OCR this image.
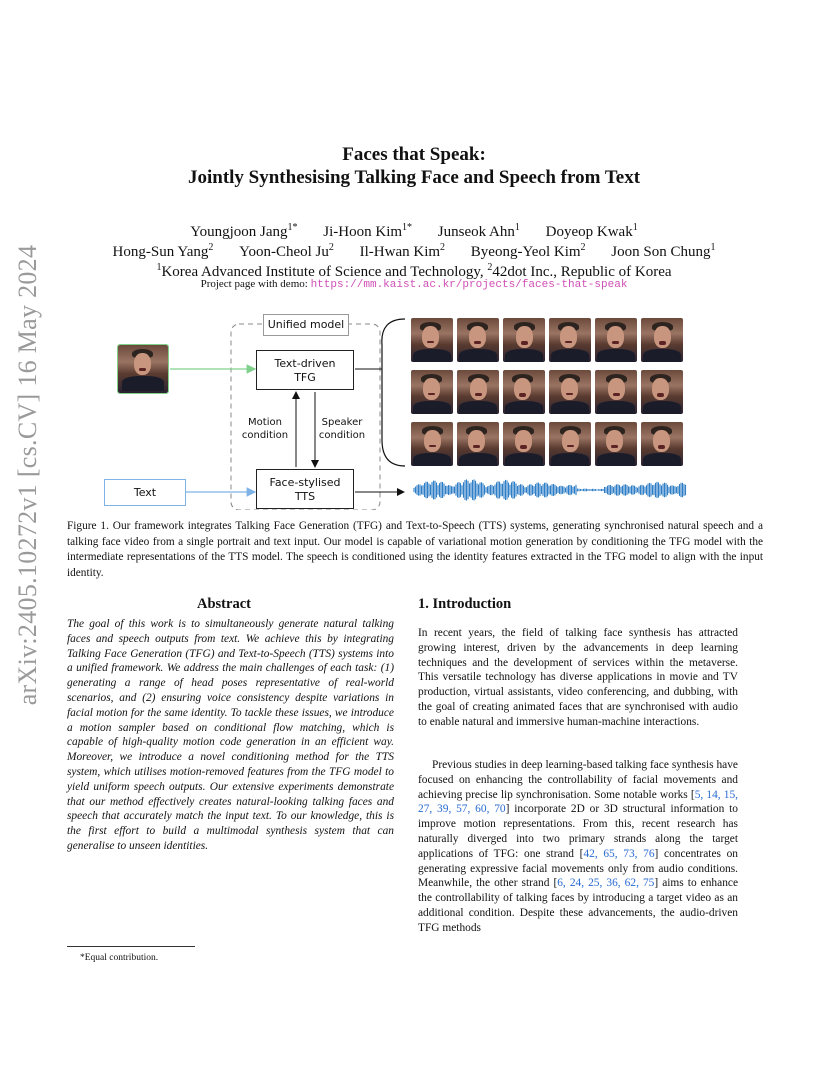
arXiv:2405.10272v1 [cs.CV] 16 May 2024
Faces that Speak:
Jointly Synthesising Talking Face and Speech from Text
Youngjoon Jang$^{1*}$ Ji-Hoon Kim$^{1*}$ Junseok Ahn$^1$ Doyeop Kwak$^1$
Hong-Sun Yang$^2$ Yoon-Cheol Ju$^2$ Il-Hwan Kim$^2$ Byeong-Yeol Kim$^2$ Joon Son Chung$^1$
$^1$Korea Advanced Institute of Science and Technology, $^2$42dot Inc., Republic of Korea
Project page with demo: https://mm.kaist.ac.kr/projects/faces-that-speak
Unified model
Text-driven
TFG
Face-stylised
TTS
Motion
condition
Speaker
condition
Text
Figure 1. Our framework integrates Talking Face Generation (TFG) and Text-to-Speech (TTS) systems, generating synchronised natural speech and a talking face video from a single portrait and text input. Our model is capable of variational motion generation by conditioning the TFG model with the intermediate representations of the TTS model. The speech is conditioned using the identity features extracted in the TFG model to align with the input identity.
Abstract
The goal of this work is to simultaneously generate natural talking faces and speech outputs from text. We achieve this by integrating Talking Face Generation (TFG) and Text-to-Speech (TTS) systems into a unified framework. We address the main challenges of each task: (1) generating a range of head poses representative of real-world scenarios, and (2) ensuring voice consistency despite variations in facial motion for the same identity. To tackle these issues, we introduce a motion sampler based on conditional flow matching, which is capable of high-quality motion code generation in an efficient way. Moreover, we introduce a novel conditioning method for the TTS system, which utilises motion-removed features from the TFG model to yield uniform speech outputs. Our extensive experiments demonstrate that our method effectively creates natural-looking talking faces and speech that accurately match the input text. To our knowledge, this is the first effort to build a multimodal synthesis system that can generalise to unseen identities.
1. Introduction
In recent years, the field of talking face synthesis has attracted growing interest, driven by the advancements in deep learning techniques and the development of services within the metaverse. This versatile technology has diverse applications in movie and TV production, virtual assistants, video conferencing, and dubbing, with the goal of creating animated faces that are synchronised with audio to enable natural and immersive human-machine interactions.
Previous studies in deep learning-based talking face synthesis have focused on enhancing the controllability of facial movements and achieving precise lip synchronisation. Some notable works [5, 14, 15, 27, 39, 57, 60, 70] incorporate 2D or 3D structural information to improve motion representations. From this, recent research has naturally diverged into two primary strands along the target applications of TFG: one strand [42, 65, 73, 76] concentrates on generating expressive facial movements only from audio conditions. Meanwhile, the other strand [6, 24, 25, 36, 62, 75] aims to enhance the controllability of talking faces by introducing a target video as an additional condition. Despite these advancements, the audio-driven TFG methods
*Equal contribution.
